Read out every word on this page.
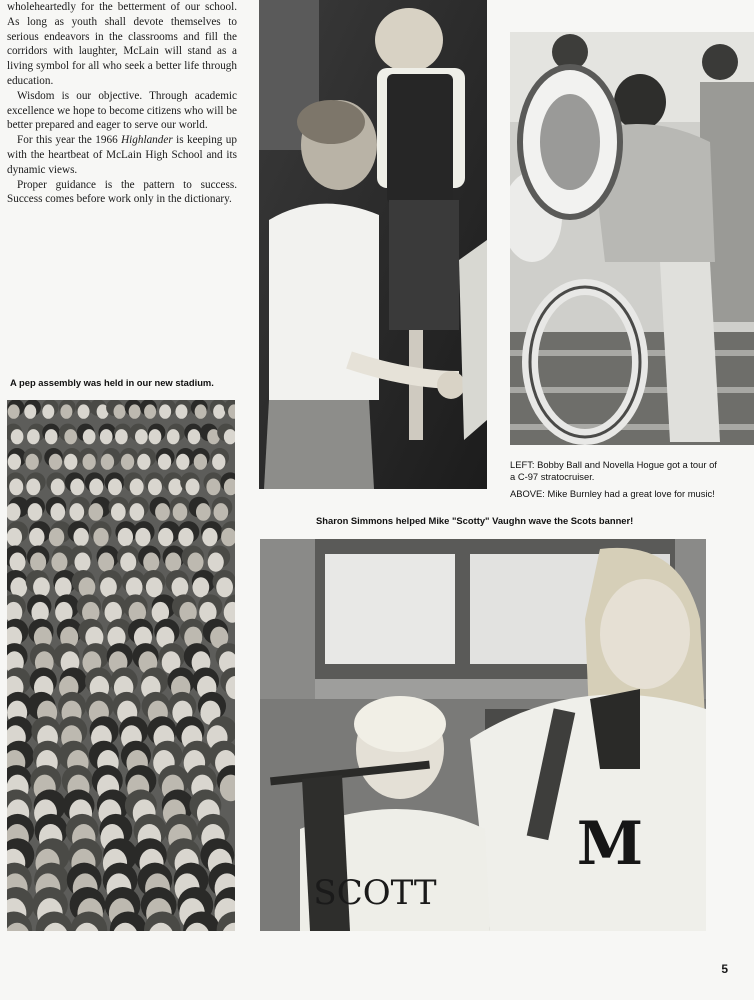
wholeheartedly for the betterment of our school. As long as youth shall devote themselves to serious endeavors in the classrooms and fill the corridors with laughter, McLain will stand as a living symbol for all who seek a better life through education.

Wisdom is our objective. Through academic excellence we hope to become citizens who will be better prepared and eager to serve our world.

For this year the 1966 Highlander is keeping up with the heartbeat of McLain High School and its dynamic views.

Proper guidance is the pattern to success. Success comes before work only in the dictionary.

SCOTT
M
A pep assembly was held in our new stadium.
LEFT: Bobby Ball and Novella Hogue got a tour of a C-97 stratocruiser.
ABOVE: Mike Burnley had a great love for music!
Sharon Simmons helped Mike "Scotty" Vaughn wave the Scots banner!
5
